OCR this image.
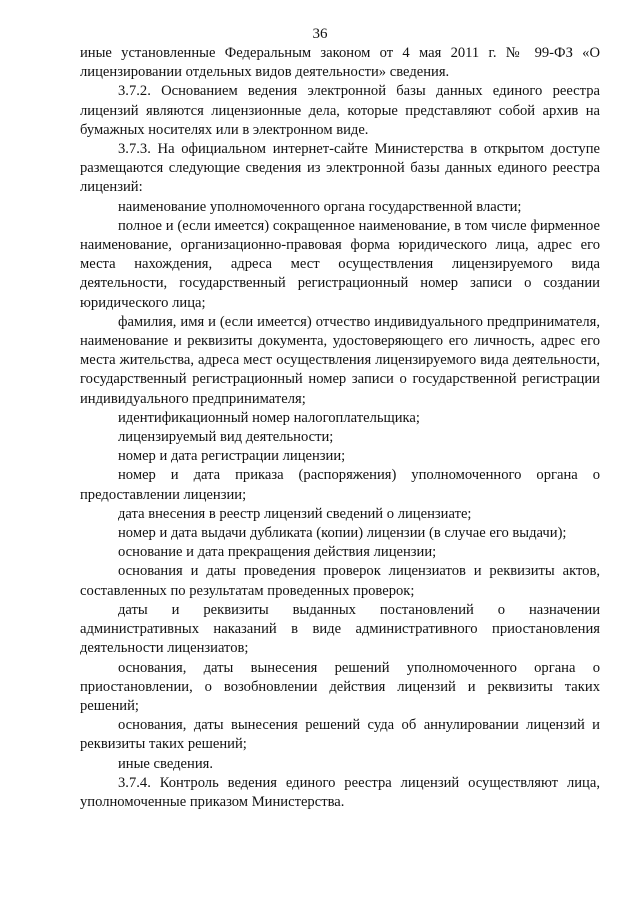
36

иные установленные Федеральным законом от 4 мая 2011 г. № 99-ФЗ «О лицензировании отдельных видов деятельности» сведения.

3.7.2. Основанием ведения электронной базы данных единого реестра лицензий являются лицензионные дела, которые представляют собой архив на бумажных носителях или в электронном виде.

3.7.3. На официальном интернет-сайте Министерства в открытом доступе размещаются следующие сведения из электронной базы данных единого реестра лицензий:

наименование уполномоченного органа государственной власти;

полное и (если имеется) сокращенное наименование, в том числе фирменное наименование, организационно-правовая форма юридического лица, адрес его места нахождения, адреса мест осуществления лицензируемого вида деятельности, государственный регистрационный номер записи о создании юридического лица;

фамилия, имя и (если имеется) отчество индивидуального предпринимателя, наименование и реквизиты документа, удостоверяющего его личность, адрес его места жительства, адреса мест осуществления лицензируемого вида деятельности, государственный регистрационный номер записи о государственной регистрации индивидуального предпринимателя;

идентификационный номер налогоплательщика;

лицензируемый вид деятельности;

номер и дата регистрации лицензии;

номер и дата приказа (распоряжения) уполномоченного органа о предоставлении лицензии;

дата внесения в реестр лицензий сведений о лицензиате;

номер и дата выдачи дубликата (копии) лицензии (в случае его выдачи);

основание и дата прекращения действия лицензии;

основания и даты проведения проверок лицензиатов и реквизиты актов, составленных по результатам проведенных проверок;

даты и реквизиты выданных постановлений о назначении административных наказаний в виде административного приостановления деятельности лицензиатов;

основания, даты вынесения решений уполномоченного органа о приостановлении, о возобновлении действия лицензий и реквизиты таких решений;

основания, даты вынесения решений суда об аннулировании лицензий и реквизиты таких решений;

иные сведения.

3.7.4. Контроль ведения единого реестра лицензий осуществляют лица, уполномоченные приказом Министерства.
